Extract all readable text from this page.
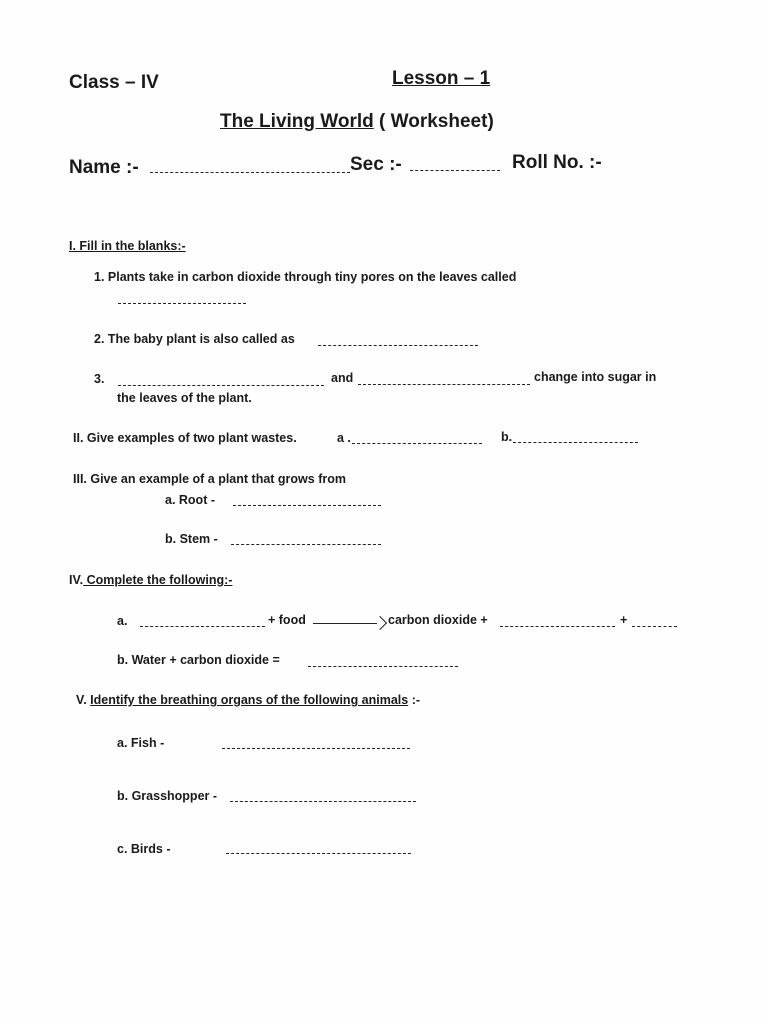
Class – IV	Lesson – 1
The Living World ( Worksheet)
Name :-	Sec :-	Roll No. :-
I. Fill in the blanks:-
1. Plants take in carbon dioxide through tiny pores on the leaves called
2. The baby plant is also called as
3.	and	change into sugar in
the leaves of the plant.
II. Give examples of two plant wastes.	a .	b.
III. Give an example of a plant that grows from
a. Root -
b. Stem -
IV. Complete the following:-
a.	+ food	carbon dioxide +	+
b. Water + carbon dioxide =
V. Identify the breathing organs of the following animals :-
a. Fish -
b. Grasshopper -
c. Birds -
